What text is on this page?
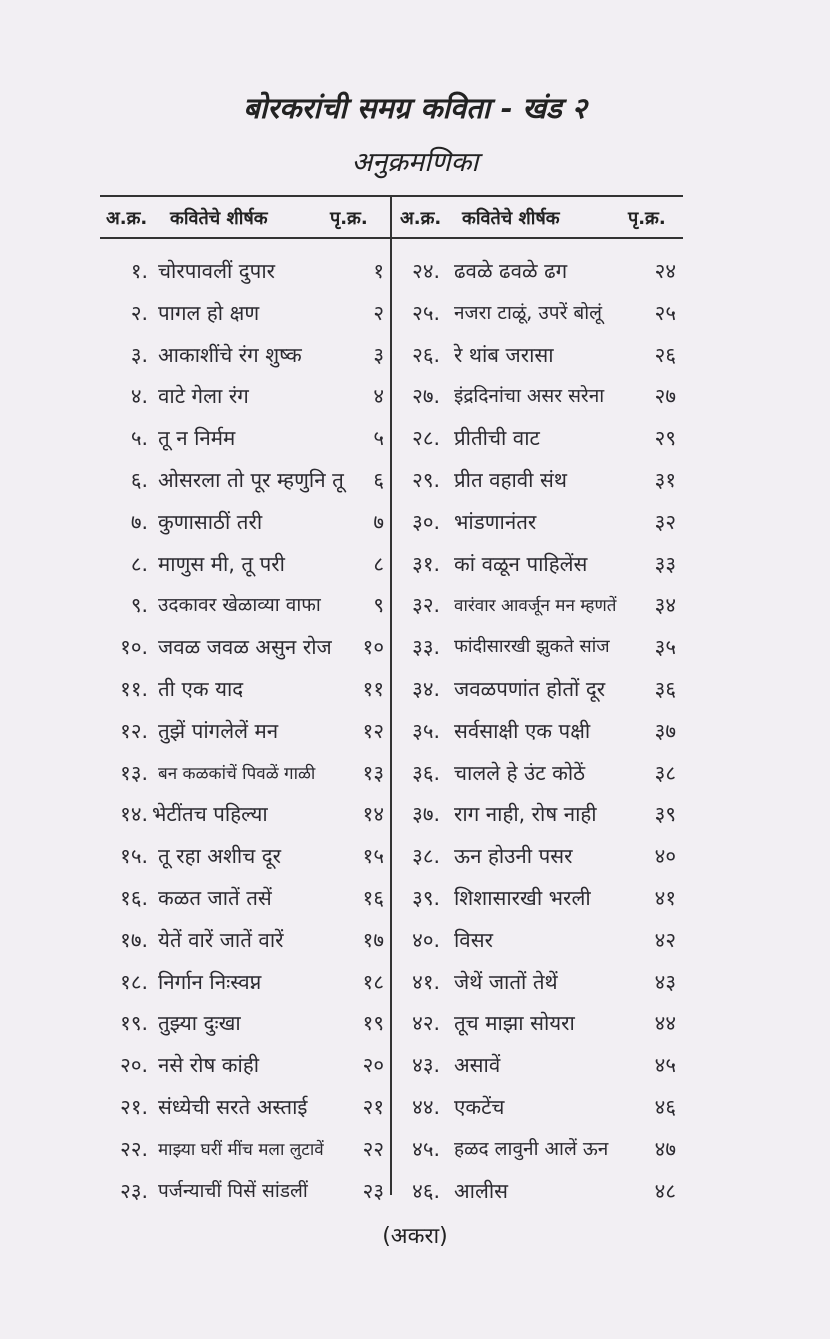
बोरकरांची समग्र कविता - खंड २
अनुक्रमणिका
अ.क्र. कवितेचे शीर्षक	पृ.क्र. अ.क्र. कवितेचे शीर्षक	पृ.क्र.
१. चोरपावलीं दुपार	१
२. पागल हो क्षण	२
३. आकाशींचे रंग शुष्क	३
४. वाटे गेला रंग	४
५. तू न निर्मम	५
६. ओसरला तो पूर म्हणुनि तू ६
७. कुणासाठीं तरी	७
८. माणुस मी, तू परी	८
९. उदकावर खेळाव्या वाफा	९
१०. जवळ जवळ असुन रोज १०
११. ती एक याद	११
१२. तुझें पांगलेलें मन	१२
१३. बन कळकांचें पिवळें गाळी १३
१४. भेटींतच पहिल्या	१४
१५. तू रहा अशीच दूर	१५
१६. कळत जातें तसें	१६
१७. येतें वारें जातें वारें	१७
१८. निर्गान निःस्वप्न	१८
१९. तुझ्या दुःखा	१९
२०. नसे रोष कांही	२०
२१. संध्येची सरते अस्ताई	२१
२२. माझ्या घरीं मींच मला लुटावें २२
२३. पर्जन्याचीं पिसें सांडलीं	२३
२४. ढवळे ढवळे ढग	२४
२५. नजरा टाळूं, उपरें बोलूं	२५
२६. रे थांब जरासा	२६
२७. इंद्रदिनांचा असर सरेना २७
२८. प्रीतीची वाट	२९
२९. प्रीत वहावी संथ	३१
३०. भांडणानंतर	३२
३१. कां वळून पाहिलेंस	३३
३२. वारंवार आवर्जून मन म्हणतें ३४
३३. फांदीसारखी झुकते सांज ३५
३४. जवळपणांत होतों दूर ३६
३५. सर्वसाक्षी एक पक्षी	३७
३६. चालले हे उंट कोठें	३८
३७. राग नाही, रोष नाही	३९
३८. ऊन होउनी पसर	४०
३९. शिशासारखी भरली	४१
४०. विसर	४२
४१. जेथें जातों तेथें	४३
४२. तूच माझा सोयरा	४४
४३. असावें	४५
४४. एकटेंच	४६
४५. हळद लावुनी आलें ऊन ४७
४६. आलीस	४८
(अकरा)
